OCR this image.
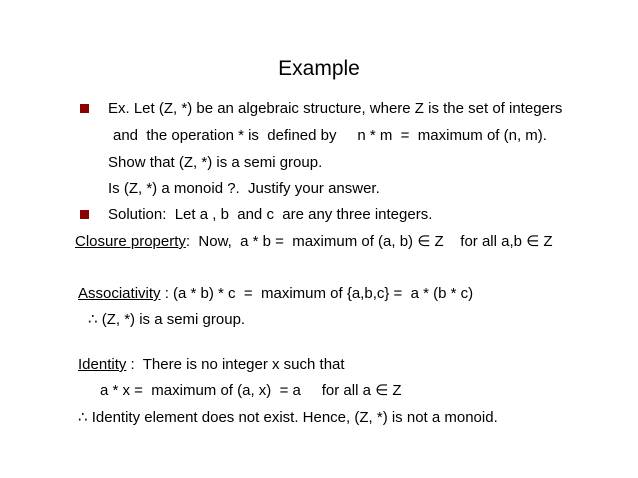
Example
Ex. Let (Z, *) be an algebraic structure, where Z is the set of integers
and  the operation * is  defined by     n * m  =  maximum of (n, m).
Show that (Z, *) is a semi group.
Is (Z, *) a monoid ?.  Justify your answer.
Solution:  Let a , b  and c  are any three integers.
Closure property:  Now,  a * b =  maximum of (a, b) ∈ Z    for all a,b ∈ Z
Associativity : (a * b) * c  =  maximum of {a,b,c} =  a * (b * c)
∴ (Z, *) is a semi group.
Identity :  There is no integer x such that
a * x =  maximum of (a, x)  = a     for all a ∈ Z
∴ Identity element does not exist. Hence, (Z, *) is not a monoid.
